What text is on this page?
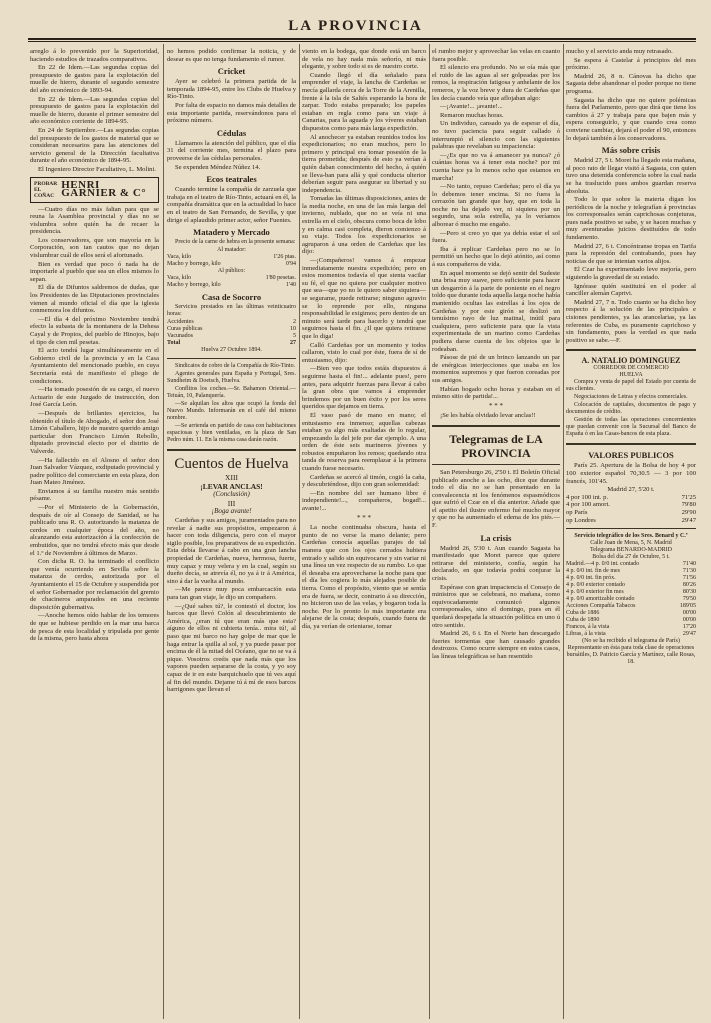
LA PROVINCIA

arreglo á lo prevenido por la Superioridad, haciendo estudios de trazados comparativos.

En 22 de Idem.—Las segundas copias del presupuesto de gastos para la explotación del muelle de hierro, durante el segundo semestre del año económico de 1893-94.

En 22 de Idem.—Las segundas copias del presupuesto de gastos para la explotación del muelle de hierro, durante el primer semestre del año económico corriente de 1894-95.

En 24 de Septiembre.—Las segundas copias del presupuesto de los gastos de material que se consideran necesarios para las atenciones del servicio general de la Dirección facultativa durante el año económico de 1894-95.

El Ingeniero Director Facultativo, L. Molini.

PROBAR EL COÑAC
HENRI GARNIER & C°

—Cuatro días no más faltan para que se reuna la Asamblea provincial y días no se vislumbra sobre quién ha de recaer la presidencia.

Los conservadores, que son mayoría en la Corporación, son tan cautos que no dejan vislumbrar cuál de ellos será el afortunado.

Bien es verdad que poco ó nada ha de importarle al pueblo que sea un ellos mismos lo sepan.

El día de Difuntos saldremos de dudas, que los Presidentes de las Diputaciones provinciales vienen al mundo oficial el día que la iglesia conmemora los difuntos.

—El día 4 del próximo Noviembre tendrá efecto la subasta de la montanera de la Dehesa Cayal y de Propios, del pueblo de Hinojos, bajo el tipo de cien mil pesetas.

El acto tendrá lugar simultáneamente en el Gobierno civil de la provincia y en la Casa Ayuntamiento del mencionado pueblo, en cuya Secretaría está de manifiesto el pliego de condiciones.

—Ha tomado posesión de su cargo, el nuevo Actuario de este Juzgado de instrucción, don José García León.

—Después de brillantes ejercicios, ha obtenido el título de Abogado, el señor don José Limón Caballero, hijo de nuestro querido amigo particular don Francisco Limón Rebollo, diputado provincial electo por el distrito de Valverde.

—Ha fallecido en el Alosno el señor don Juan Salvador Vázquez, exdiputado provincial y padre político del comerciante en esta plaza, don Juan Mateo Jiménez.

Enviamos á su familia nuestro más sentido pésame.

—Por el Ministerio de la Gobernación, después de oír al Consejo de Sanidad, se ha publicado una R. O. autorizando la matanza de cerdos en cualquier época del año, no alcanzando esta autorización á la confección de embutidos, que no tendrá efecto más que desde el 1.º de Noviembre á últimos de Marzo.

Con dicha R. O. ha terminado el conflicto que venía ocurriendo en Sevilla sobre la matanza de cerdos, autorizada por el Ayuntamiento el 15 de Octubre y suspendida por el señor Gobernador por reclamación del gremio de chacineros amparados en una reciente disposición gubernativa.

—Anoche hemos oído hablar de los temores de que se hubiese perdido en la mar una barca de pesca de esta localidad y tripulada por gente de la misma, pero hasta ahora

no hemos podido confirmar la noticia, y de desear es que no tenga fundamento el rumor.

Cricket

Ayer se celebró la primera partida de la temporada 1894-95, entre los Clubs de Huelva y Río-Tinto.

Por falta de espacio no damos más detalles de esta importante partida, reservándonos para el próximo número.

Cédulas

Llamamos la atención del público, que el día 31 del corriente mes, termina el plazo para proveerse de las cédulas personales.

Se expenden Méndez Núñez 14.

Ecos teatrales

Cuando termine la compañía de zarzuela que trabaja en el teatro de Río-Tinto, actuará en él, la compañía dramática que en la actualidad lo hace en el teatro de San Fernando, de Sevilla, y que dirige el aplaudido primer actor, señor Fuentes.

Matadero y Mercado

Precio de la carne de hebra en la presente semana:

Al matador:
Vaca, kilo	1'26 ptas.
Macho y borrego, kilo	0'94
Al público:
Vaca, kilo	1'80 pesetas.
Macho y borrego, kilo	1'40
Casa de Socorro

Servicios prestados en las últimas veinticuatro horas:

Accidentes	2
Curas públicas	10
Vacunados	5
Total	27
Huelva 27 Octubre 1894.

Sindicatos de cobro de la Compañía de Río-Tinto.

Agentes generales para España y Portugal, Sres. Sundheim & Doetsch, Huelva.

Conflitos los coches.—Sr. Bahamon Oriental.—Tetuán, 10, Palanquería.

—Se alquilan los altos que ocupó la fonda del Nuevo Mundo. Informarán en el café del mismo nombre.

—Se arrienda en partido de casa con habitaciones espaciosas y bien ventiladas, en la plaza de San Pedro núm. 11. En la misma casa darán razón.

Cuentos de Huelva
XIII
¡LEVAR ANCLAS!
(Conclusión)
III
¡Boga avante!

Cardeñas y sus amigos, juramentados para no revelar á nadie sus propósitos, empezaron á hacer con toda diligencia, pero con el mayor sigilo posible, los preparativos de su expedición. Esta debía llevarse á cabo en una gran lancha propiedad de Cardeñas, nueva, hermosa, fuerte, muy capaz y muy velera y en la cual, según su dueño decía, se atrevía él, no ya á ir á América, sino á dar la vuelta al mundo.

—Me parece muy poca embarcación esta para tan gran viaje, le dijo un compañero.

—¿Qué sabes tú?, le contestó el doctor, los barcos que llevó Colón al descubrimiento de América, ¿eran tú que eran más que esta? aíguno de ellos ni cubierta tenía.. mira tú!, al paso que mi barco no hay golpe de mar que le haga entrar la quilla al sol, y ya puede pasar por encima de él la mitad del Océano, que no se va á pique. Vosotros creéis que nada más que los vapores pueden separarse de la costa, y yo soy capaz de ir en este barquichuelo que tú ves aquí al fin del mundo. Dejame tú á mí de esos barcos barrigones que llevan el

viento en la bodega, que donde está un barco de vela no hay nada más señorío, ni más elegante, y sobre todo si es de nuestro corte.

Cuando llegó el día señalado para emprender el viaje, la lancha de Cardeñas se mecía gallarda cerca de la Torre de la Arenilla, frente á la isla de Saltés esperando la hora de zarpar. Todo estaba preparado; los papeles estaban en regla como para un viaje á Canarias, para la aguada y los víveres estaban dispuestos como para más larga expedición.

Al anochecer ya estaban reunidos todos los expedicionarios; no eran muchos, pero lo primero y principal era tomar posesión de la tierra prometida; después de esto ya verían á quién daban conocimiento del hecho, á quién se lleva-ban para allá y qué conducta ulterior deberían seguir para asegurar su libertad y su independencia.

Tomadas las últimas disposiciones, antes de la media noche, en una de las más largas del invierno, nublado, que no se veía ni una estrella en el cielo, obscura como boca de lobo y en calma casi completa, dieron comienzo á su viaje. Todos los expedicionarios se agruparon á una orden de Cardeñas que les dijo:

—¡Compañeros! vamos á empezar inmediatamente nuestra expedición; pero en estos momentos todavía el que sienta vacilar su fé, el que no quiera por cualquier motivo que sea—que yo no le quiero saber siquiera—se segurame, puede retirarse; ninguno agravio se lo reprende por ello, ninguna responsabilidad le exigimos; pero dentro de un minuto será tarde para hacerlo y tendrá que seguirnos hasta el fin. ¿Il que quiera retirarse que lo diga!

Calló Cardeñas por un momento y todos callaron, visto lo cual por éste, fuera de sí de entusiasmo, dijo:

—Bien veo que todos estáis dispuestos á seguirme hasta el fin!... adelante pues!, pero antes, para adquirir fuerzas para llevar á cabo la gran obra que vamos á emprender brindemos por un buen éxito y por los seres queridos que dejamos en tierra.

El vaso pasó de mano en mano; el entusiasmo era inmenso; aquellas cabezas estaban ya algo más exaltadas de lo regular, empezando la del jefe por dar ejemplo. A una orden de éste seis marineros jóvenes y robustos empuñaron los remos; quedando otra tanda de reserva para reemplazar á la primera cuando fuese necesario.

Cardeñas se acercó al timón, cogió la caña, y descubriéndose, dijo con gran solemnidad:

—En nombre del ser humano libre é independiente!..., compañeros, bogad!... avante!...

* * *

La noche continuaba obscura, hasta el punto de no verse la mano delante; pero Cardeñas conocía aquellas parajes de tal manera que con los ojos cerrados hubiera entrado y salido sin equivocarse y sin variar ni una línea un vez respecto de su rumbo. Lo que él deseaba era aprovecharse la noche para que el día les cogiera lo más alejados posible de tierra. Como el propósito, viento que se sentía era de fuera, se decir, contrario á su dirección, no hicieron uso de las velas, y bogaron toda la noche. Por lo pronto lo más importante era alejarse de la costa; después, cuando fuera de día, ya verían de orientarse, tomar

el rumbo mejor y aprovechar las velas en cuanto fuera posible.

El silencio era profundo. No se oía más que el ruido de las aguas al ser golpeadas por los remos, la respiración fatigosa y anhelante de los remeros, y la voz breve y dura de Cardeñas que les decía cuando veía que aflojaban algo:

—¡Avante!... ¡avante!...

Remaron muchas horas.

Un individuo, cansado ya de esperar el día, no tuvo paciencia para seguir callado ó interrumpió el silencio con las siguientes palabras que revelaban su impaciencia:

—¿Es que no va á amanecer ya nunca? ¿ó cuántas horas va á tener esta noche? por mi cuenta hace ya lo menos ocho que estamos en marcha!

—No tanto, repuso Cardeñas; pero el día ya lo debemos tener encima. Si no fuera la cerrazón tan grande que hay, que en toda la noche no ha dejado ver, ni siquiera por un segundo, una sola estrella, ya lo veríamos alborear ó mucho me engaño.

—Pero si creo yo que ya debía estar el sol fuera.

Iba á replicar Cardeñas pero no se lo permitió un hecho que lo dejó atónito, así como á sus compañeros de vida.

En aquel momento se dejó sentir del Sudeste una brisa muy suave, pero suficiente para hacer un desgarrón á la parte de poniente en el negro toldo que durante toda aquella larga noche había mantenido ocultas las estrellas á los ojos de Cardeñas y por este girón se deslizó un tenuísimo rayo de luz matinal, inútil para cualquiera, pero suficiente para que la vista experimentada de un marino como Cardeñas pudiera darse cuenta de los objetos que le rodeaban.

Pásose de pié de un brinco lanzando un par de enérgicas interjecciones que usaba en los momentos supremos y que fueron coreadas por sus amigos.

Habían bogado ocho horas y estaban en el mismo sitio de partida!...

* * *

¡Se les había olvidado levar anclas!!

Telegramas de LA PROVINCIA

San Petersburgo 26, 2'50 t. El Boletín Oficial publicado anoche a las ocho, dice que durante todo el día no se han presentado en la convalecencia ni los fenómenos espasmódicos que sufrió el Czar en el día anterior. Añade que el apetito del ilustre enfermo fué mucho mayor y que no ha aumentado el edema de los piés.—F.

La crisis

Madrid 26, 5'30 t. Aun cuando Sagasta ha manifestado que Moret parece que quiere retirarse del ministerio, confía, según ha declarado, en que todavía podrá conjurar la crisis.

Espérase con gran impaciencia el Consejo de ministros que se celebrará, no mañana, como equivocadamente comunicó algunos corresponsales, sino el domingo, pues en él quedará despejada la situación política en uno ú otro sentido.

Madrid 26, 6 t. En el Norte han descargado fuertes tormentas que han causado grandes destrozos. Como ocurre siempre en estos casos, las líneas telegráficas se han resentido

mucho y el servicio anda muy retrasado.

Se espera á Castelar á principios del mes próximo.

Madrid 26, 8 n. Cánovas ha dicho que Sagasta debe abandonar el poder porque no tiene programa.

Sagasta ha dicho que no quiere polémicas fuera del Parlamento, pero que dirá que tiene los cambios á 27 y trabaja para que bajen más y espera conseguirlo, y que cuando crea como conviene cambiar, dejará el poder el 90, entonces lo dejará también á los conservadores.

Más sobre crisis

Madrid 27, 5 t. Moret ha llegado esta mañana, al poco rato de llegar visitó á Sagasta, con quien tuvo una detenida conferencia sobre la cual nada se ha traslucido pues ambos guardan reserva absoluta.

Todo lo que sobre la materia digan los periódicos de la noche y telegrafían á provincias los corresponsales serán caprichosas conjeturas, pues nada positivo se sabe, y se hacen muchas y muy aventuradas juicios destituídos de todo fundamento.

Madrid 27, 6 t. Concéntranse tropas en Tarifa para la represión del contrabando, pues hay noticias de que se intentan varios alijos.

El Czar ha experimentado leve mejoría, pero siguiendo la gravedad de su estado.

Ignórase quién sustituirá en el poder al canciller alemán Caprivi.

Madrid 27, 7 n. Todo cuanto se ha dicho hoy respecto á la solución de las principales e cisiones pendientes, ya las arancelarias, ya las referentes de Cuba, es puramente caprichoso y sin fundamento, pues la verdad es que nada positivo se sabe.—F.

A. NATALIO DOMINGUEZ
CORREDOR DE COMERCIO
HUELVA

Compra y venta de papel del Estado por cuenta de sus clientes.

Negociaciones de Letras y efectos comerciales.

Colocación de capitales, documentos de pago y documentos de crédito.

Gestión de todas las operaciones concernientes que puedan convenir con la Sucursal del Banco de España ó en las Casas-bancos de esta plaza.

VALORES PUBLICOS

París 25. Apertura de la Bolsa de hoy 4 por 100 exterior español 70,30.5 — 3 por 100 francés, 101'45.

Madrid 27, 5'20 t.
4 por 100 int. p.	71'25
4 por 100 amort.	79'80
op París	29'90
op Londres	29'47
Servicio telegráfico de los Sres. Benard y C.ª
Calle Juan de Mena, 5, N. Madrid
Telegrama BENARDO-MADRID
Bolsa del día 27 de Octubre, 5 t.
Madrid.—4 p. 0/0 int. contado	71'40
4 p. 0/0 int. fin de mes	71'30
4 p. 0/0 int. fin próx.	71'56
4 p. 0/0 exterior contado	80'26
4 p. 0/0 exterior fin mes	80'30
4 p. 0/0 amortizable contado	79'50
Acciones Compañía Tabacos	189'05
Cuba de 1886	00'00
Cuba de 1890	00'00
Francos, á la vista	17'20
Libras, á la vista	29'47
(No se ha recibido el telegrama de París)
Representante en ésta para toda clase de operaciones bursátiles, D. Patricio García y Martínez, calle Rosas, 18.
